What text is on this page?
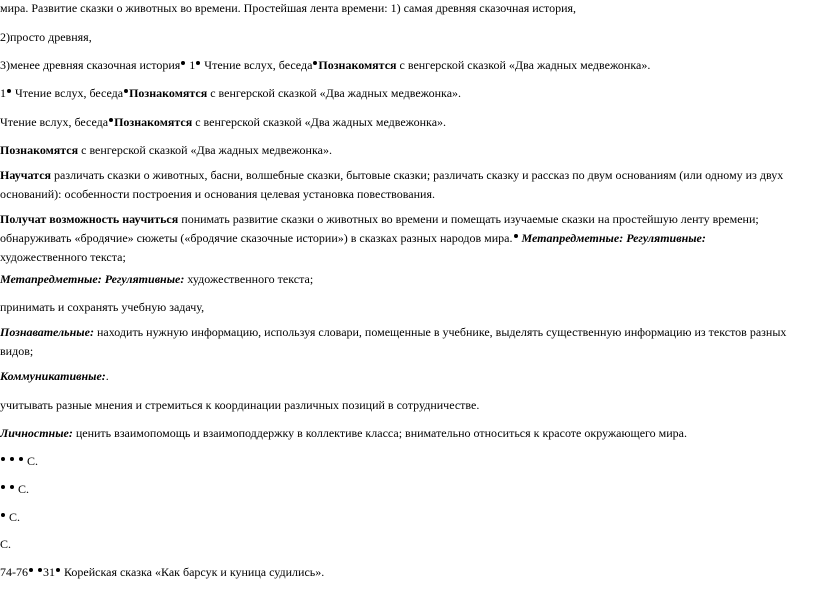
мира. Развитие сказки о животных во времени. Простейшая лента времени: 1) самая древняя сказочная история,
2)просто древняя,
3)менее древняя сказочная история 1 Чтение вслух, беседа Познакомятся с венгерской сказкой «Два жадных медвежонка».
1 Чтение вслух, беседа Познакомятся с венгерской сказкой «Два жадных медвежонка».
Чтение вслух, беседа Познакомятся с венгерской сказкой «Два жадных медвежонка».
Познакомятся с венгерской сказкой «Два жадных медвежонка».
Научатся различать сказки о животных, басни, волшебные сказки, бытовые сказки; различать сказку и рассказ по двум основаниям (или одному из двух
оснований): особенности построения и основания целевая установка повествования.
Получат возможность научиться понимать развитие сказки о животных во времени и помещать изучаемые сказки на простейшую ленту времени;
обнаруживать «бродячие» сюжеты («бродячие сказочные истории») в сказках разных народов мира. Метапредметные: Регулятивные:
художественного текста;
Метапредметные: Регулятивные: художественного текста;
принимать и сохранять учебную задачу,
Познавательные: находить нужную информацию, используя словари, помещенные в учебнике, выделять существенную информацию из текстов разных
видов;
Коммуникативные:.
учитывать разные мнения и стремиться к координации различных позиций в сотрудничестве.
Личностные: ценить взаимопомощь и взаимоподдержку в коллективе класса; внимательно относиться к красоте окружающего мира.
С.
С.
С.
С.
74-76 31 Корейская сказка «Как барсук и куница судились».
